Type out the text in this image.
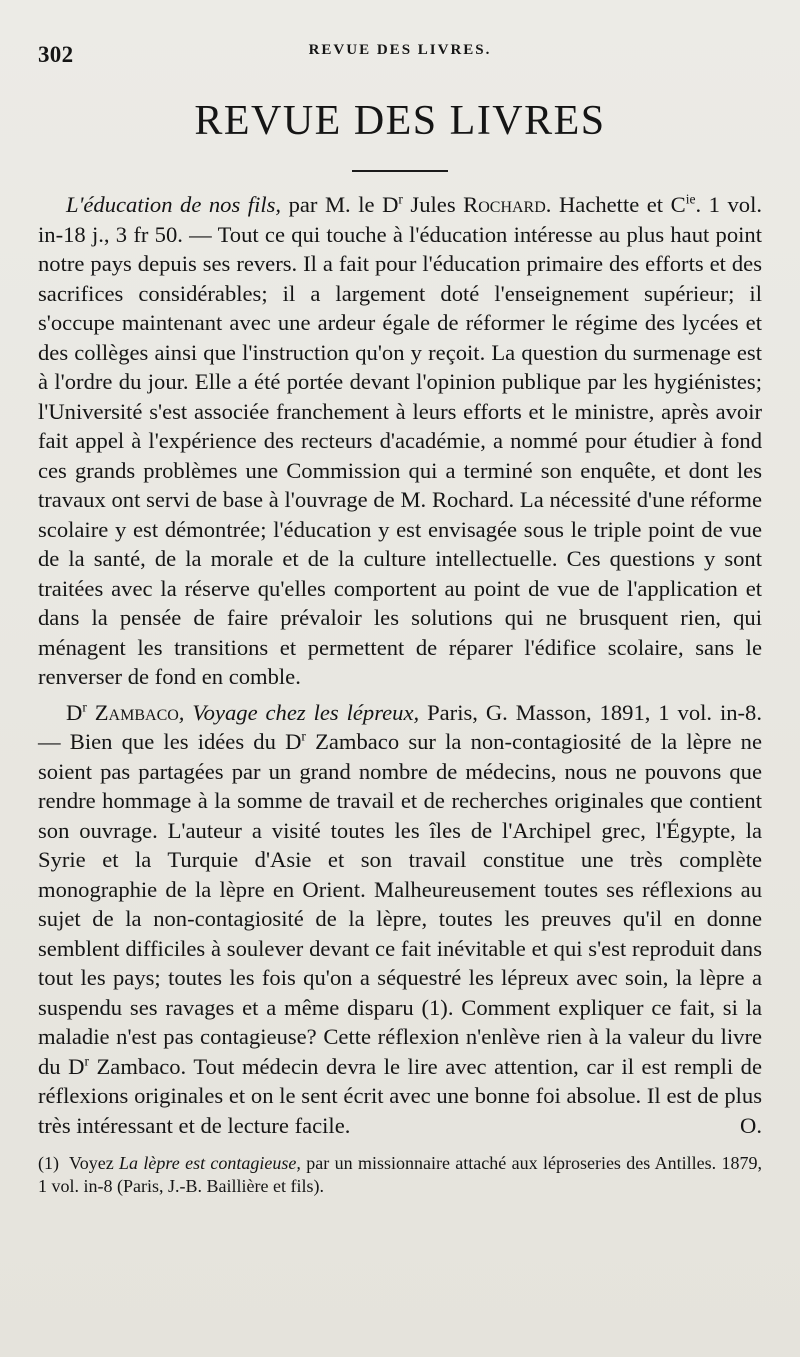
302	REVUE DES LIVRES.
REVUE DES LIVRES

L'éducation de nos fils, par M. le $D^r$ Jules Rochard. Hachette et $C^{ie}$. 1 vol. in-18 j., 3 fr 50. — Tout ce qui touche à l'éducation intéresse au plus haut point notre pays depuis ses revers. Il a fait pour l'éducation primaire des efforts et des sacrifices considérables; il a largement doté l'enseignement supérieur; il s'occupe maintenant avec une ardeur égale de réformer le régime des lycées et des collèges ainsi que l'instruction qu'on y reçoit. La question du surmenage est à l'ordre du jour. Elle a été portée devant l'opinion publique par les hygiénistes; l'Université s'est associée franchement à leurs efforts et le ministre, après avoir fait appel à l'expérience des recteurs d'académie, a nommé pour étudier à fond ces grands problèmes une Commission qui a terminé son enquête, et dont les travaux ont servi de base à l'ouvrage de M. Rochard. La nécessité d'une réforme scolaire y est démontrée; l'éducation y est envisagée sous le triple point de vue de la santé, de la morale et de la culture intellectuelle. Ces questions y sont traitées avec la réserve qu'elles comportent au point de vue de l'application et dans la pensée de faire prévaloir les solutions qui ne brusquent rien, qui ménagent les transitions et permettent de réparer l'édifice scolaire, sans le renverser de fond en comble.

$D^r$ Zambaco, Voyage chez les lépreux, Paris, G. Masson, 1891, 1 vol. in-8. — Bien que les idées du $D^r$ Zambaco sur la non-contagiosité de la lèpre ne soient pas partagées par un grand nombre de médecins, nous ne pouvons que rendre hommage à la somme de travail et de recherches originales que contient son ouvrage. L'auteur a visité toutes les îles de l'Archipel grec, l'Égypte, la Syrie et la Turquie d'Asie et son travail constitue une très complète monographie de la lèpre en Orient. Malheureusement toutes ses réflexions au sujet de la non-contagiosité de la lèpre, toutes les preuves qu'il en donne semblent difficiles à soulever devant ce fait inévitable et qui s'est reproduit dans tout les pays; toutes les fois qu'on a séquestré les lépreux avec soin, la lèpre a suspendu ses ravages et a même disparu (1). Comment expliquer ce fait, si la maladie n'est pas contagieuse? Cette réflexion n'enlève rien à la valeur du livre du $D^r$ Zambaco. Tout médecin devra le lire avec attention, car il est rempli de réflexions originales et on le sent écrit avec une bonne foi absolue. Il est de plus très intéressant et de lecture facile.	O.

(1) Voyez La lèpre est contagieuse, par un missionnaire attaché aux léproseries des Antilles. 1879, 1 vol. in-8 (Paris, J.-B. Baillière et fils).
